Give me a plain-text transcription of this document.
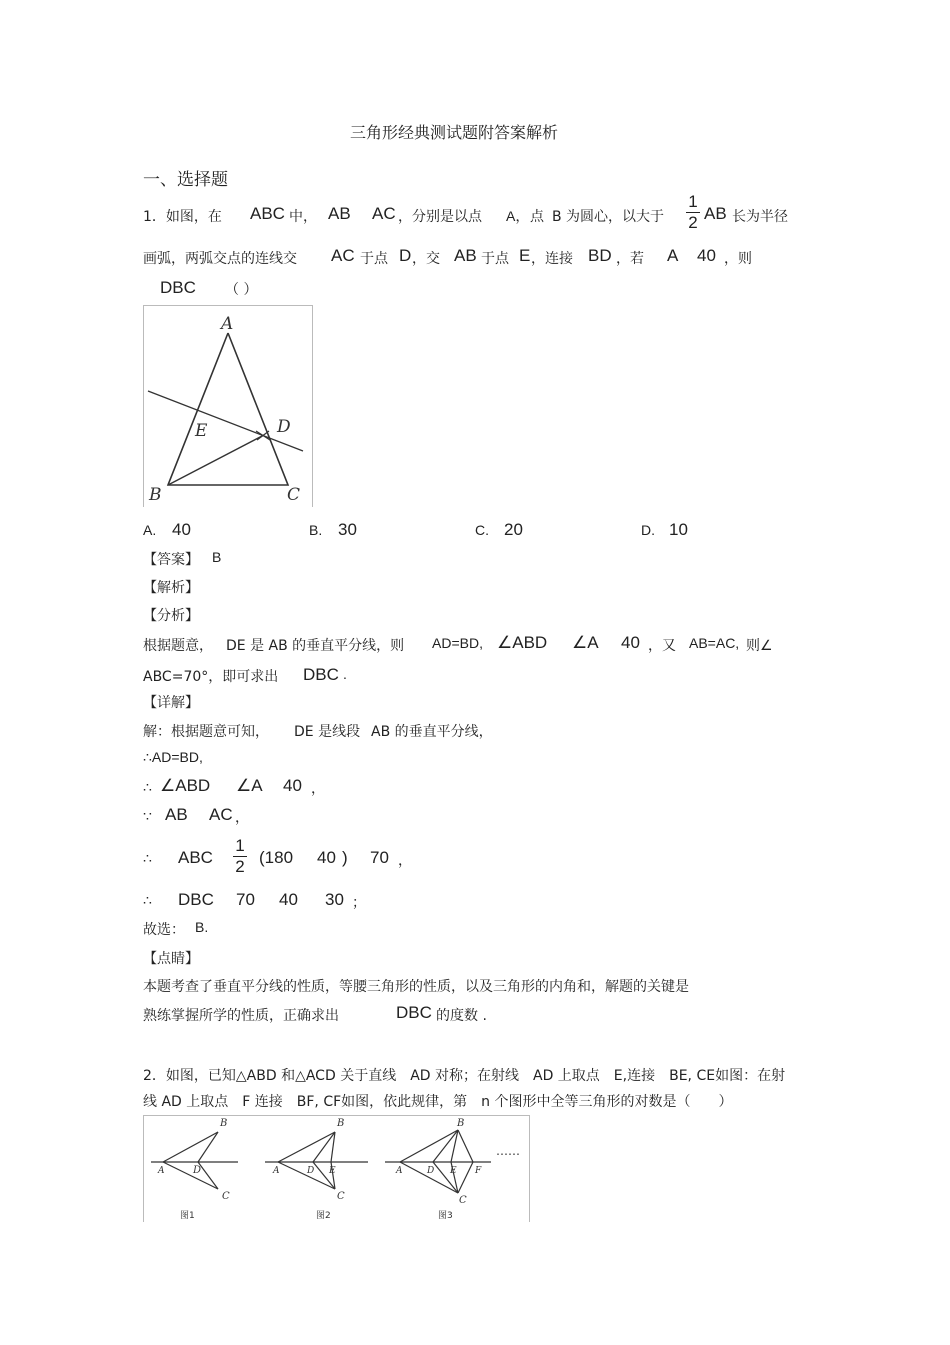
三角形经典测试题附答案解析
一、选择题
1．如图，在 ABC 中， AB AC ，分别是以点 A， 点 B 为圆心，以大于
1
2 AB 长为半径
画弧，两弧交点的连线交 AC 于点 D ，交 AB 于点 E ，连接 BD ，若 A 40 ，则
DBC （ ）
A
B	C
D
E
A. 40	B. 30	C. 20	D. 10
【答案】 B
【解析】
【分析】
根据题意， DE 是 AB 的垂直平分线，则 AD=BD, ∠ABD ∠A 40 ，又 AB=AC, 则∠
ABC=70°，即可求出 DBC .
【详解】
解：根据题意可知， DE 是线段 AB 的垂直平分线，
∴AD=BD,
∴ ∠ABD ∠A 40 ，
∵ AB AC ，
∴ ABC
1
2 (180 40 ) 70 ，
∴ DBC 70 40 30 ；
故选： B.
【点睛】
本题考查了垂直平分线的性质，等腰三角形的性质，以及三角形的内角和，解题的关键是
熟练掌握所学的性质，正确求出	DBC 的度数 .
2．如图，已知△ABD 和△ACD 关于直线　AD 对称；在射线　AD 上取点　E,连接　BE, CE如图：在射
线 AD 上取点　F 连接　BF, CF如图，依此规律，第　n 个图形中全等三角形的对数是（　　）
A
B
C
D
图1
A
B
C
D E
图2
A
B
C
D E F
图3
……
